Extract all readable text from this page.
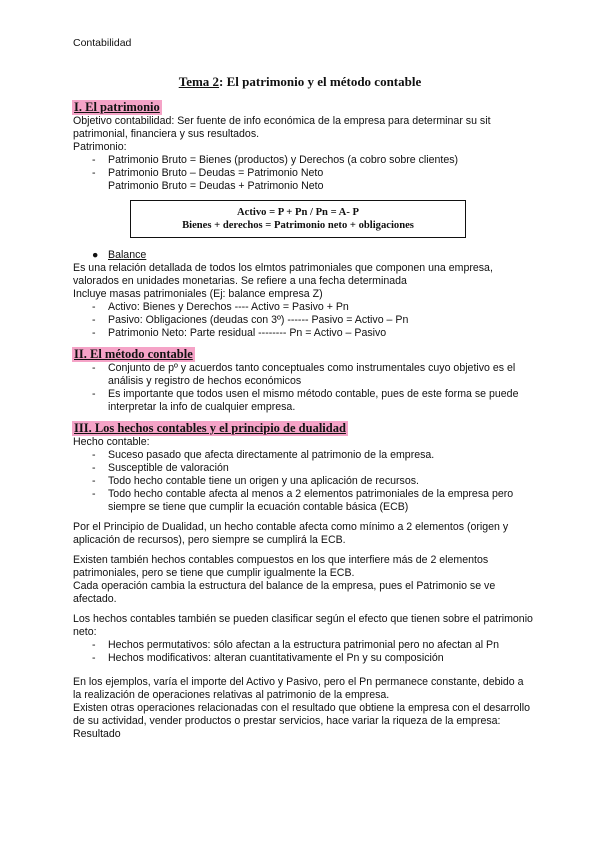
Contabilidad
Tema 2: El patrimonio y el método contable
I. El patrimonio

Objetivo contabilidad: Ser fuente de info económica de la empresa para determinar su sit patrimonial, financiera y sus resultados.

Patrimonio:

- Patrimonio Bruto = Bienes (productos) y Derechos (a cobro sobre clientes)
- Patrimonio Bruto – Deudas = Patrimonio Neto

Patrimonio Bruto = Deudas + Patrimonio Neto

Activo = P + Pn / Pn = A- P
Bienes + derechos = Patrimonio neto + obligaciones
● Balance

Es una relación detallada de todos los elmtos patrimoniales que componen una empresa, valorados en unidades monetarias. Se refiere a una fecha determinada

Incluye masas patrimoniales (Ej: balance empresa Z)

- Activo: Bienes y Derechos ---- Activo = Pasivo + Pn
- Pasivo: Obligaciones (deudas con 3º) ------ Pasivo = Activo – Pn
- Patrimonio Neto: Parte residual -------- Pn = Activo – Pasivo
II. El método contable
- Conjunto de pº y acuerdos tanto conceptuales como instrumentales cuyo objetivo es el análisis y registro de hechos económicos
- Es importante que todos usen el mismo método contable, pues de este forma se puede interpretar la info de cualquier empresa.
III. Los hechos contables y el principio de dualidad

Hecho contable:

- Suceso pasado que afecta directamente al patrimonio de la empresa.
- Susceptible de valoración
- Todo hecho contable tiene un origen y una aplicación de recursos.
- Todo hecho contable afecta al menos a 2 elementos patrimoniales de la empresa pero siempre se tiene que cumplir la ecuación contable básica (ECB)

Por el Principio de Dualidad, un hecho contable afecta como mínimo a 2 elementos (origen y aplicación de recursos), pero siempre se cumplirá la ECB.

Existen también hechos contables compuestos en los que interfiere más de 2 elementos patrimoniales, pero se tiene que cumplir igualmente la ECB.

Cada operación cambia la estructura del balance de la empresa, pues el Patrimonio se ve afectado.

Los hechos contables también se pueden clasificar según el efecto que tienen sobre el patrimonio neto:

- Hechos permutativos: sólo afectan a la estructura patrimonial pero no afectan al Pn
- Hechos modificativos: alteran cuantitativamente el Pn y su composición

En los ejemplos, varía el importe del Activo y Pasivo, pero el Pn permanece constante, debido a la realización de operaciones relativas al patrimonio de la empresa.

Existen otras operaciones relacionadas con el resultado que obtiene la empresa con el desarrollo de su actividad, vender productos o prestar servicios, hace variar la riqueza de la empresa: Resultado
